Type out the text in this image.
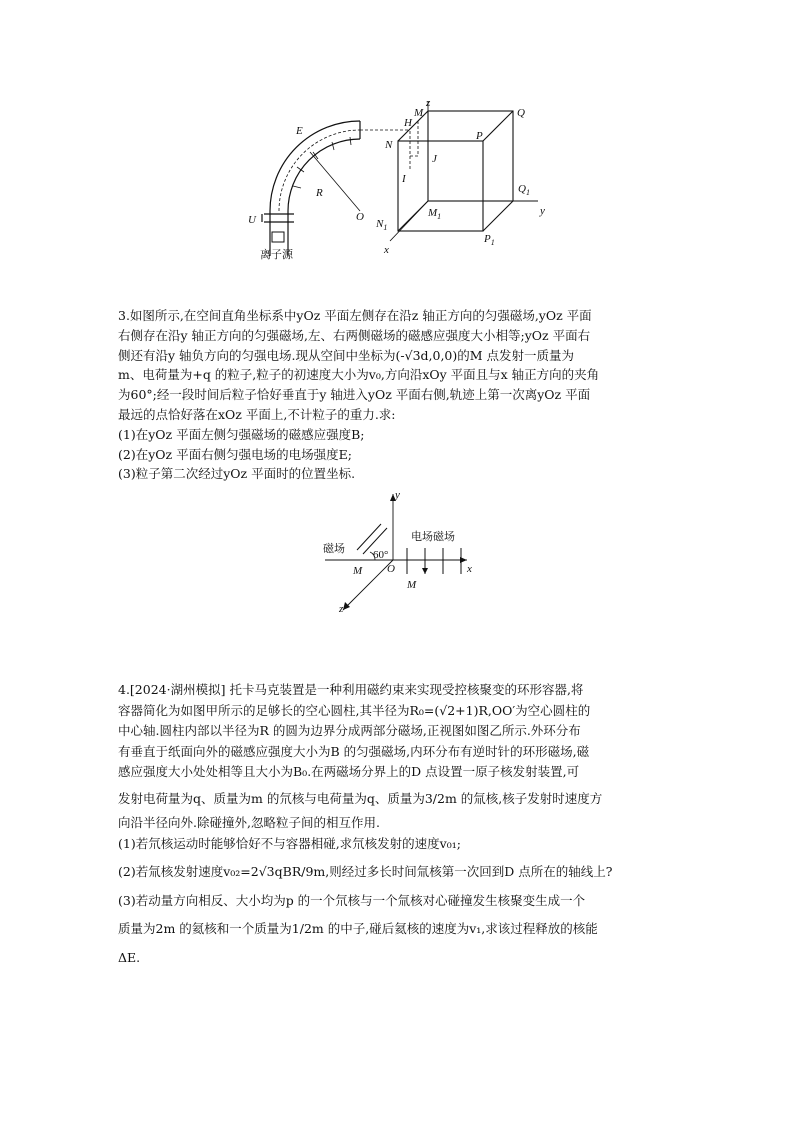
U
E
R
O
离子源
z
y
x
M
H
N
J
I
P
Q
$Q_1$
$M_1$
$N_1$
$P_1$

3.如图所示,在空间直角坐标系中yOz 平面左侧存在沿z 轴正方向的匀强磁场,yOz 平面
右侧存在沿y 轴正方向的匀强磁场,左、右两侧磁场的磁感应强度大小相等;yOz 平面右
侧还有沿y 轴负方向的匀强电场.现从空间中坐标为(-√3d,0,0)的M 点发射一质量为
m、电荷量为+q 的粒子,粒子的初速度大小为v₀,方向沿xOy 平面且与x 轴正方向的夹角
为60°;经一段时间后粒子恰好垂直于y 轴进入yOz 平面右侧,轨迹上第一次离yOz 平面
最远的点恰好落在xOz 平面上,不计粒子的重力.求:

(1)在yOz 平面左侧匀强磁场的磁感应强度B;
(2)在yOz 平面右侧匀强电场的电场强度E;
(3)粒子第二次经过yOz 平面时的位置坐标.

y
x
z
O
M
M
60°
磁场
电场磁场

4.[2024·湖州模拟] 托卡马克装置是一种利用磁约束来实现受控核聚变的环形容器,将
容器简化为如图甲所示的足够长的空心圆柱,其半径为R₀=(√2+1)R,OO′为空心圆柱的
中心轴.圆柱内部以半径为R 的圆为边界分成两部分磁场,正视图如图乙所示.外环分布
有垂直于纸面向外的磁感应强度大小为B 的匀强磁场,内环分布有逆时针的环形磁场,磁
感应强度大小处处相等且大小为B₀.在两磁场分界上的D 点设置一原子核发射装置,可
发射电荷量为q、质量为m 的氘核与电荷量为q、质量为3/2m 的氚核,核子发射时速度方
向沿半径向外.除碰撞外,忽略粒子间的相互作用.

(1)若氘核运动时能够恰好不与容器相碰,求氘核发射的速度v₀₁;
(2)若氚核发射速度v₀₂=2√3qBR/9m,则经过多长时间氚核第一次回到D 点所在的轴线上?
(3)若动量方向相反、大小均为p 的一个氘核与一个氚核对心碰撞发生核聚变生成一个
质量为2m 的氦核和一个质量为1/2m 的中子,碰后氦核的速度为v₁,求该过程释放的核能
ΔE.
